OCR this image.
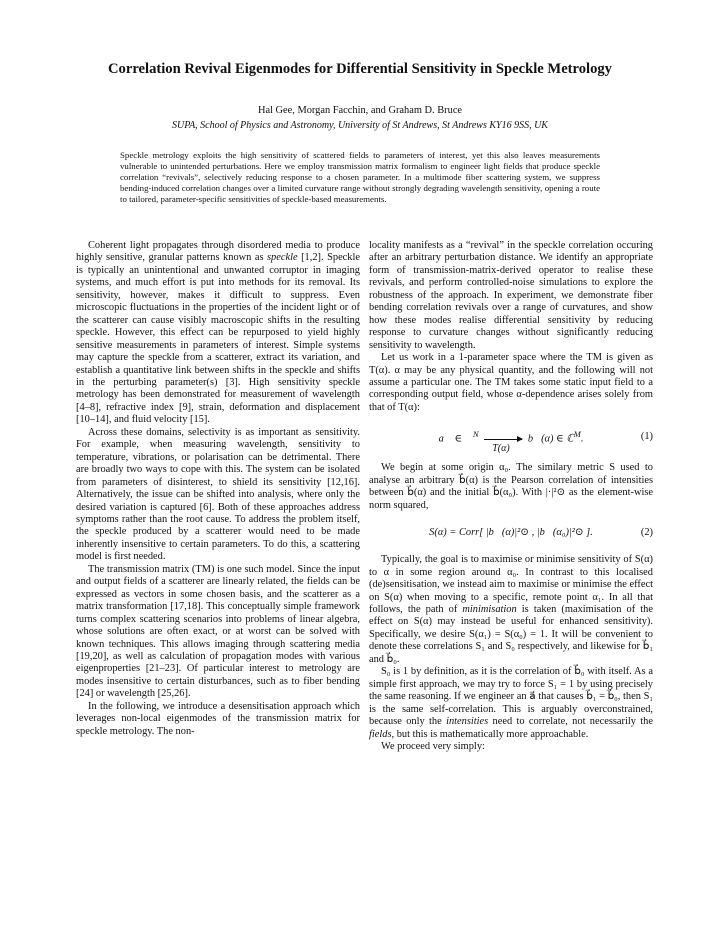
Correlation Revival Eigenmodes for Differential Sensitivity in Speckle Metrology
Hal Gee, Morgan Facchin, and Graham D. Bruce
SUPA, School of Physics and Astronomy, University of St Andrews, St Andrews KY16 9SS, UK
Speckle metrology exploits the high sensitivity of scattered fields to parameters of interest, yet this also leaves measurements vulnerable to unintended perturbations. Here we employ transmission matrix formalism to engineer light fields that produce speckle correlation “revivals”, selectively reducing response to a chosen parameter. In a multimode fiber scattering system, we suppress bending-induced correlation changes over a limited curvature range without strongly degrading wavelength sensitivity, opening a route to tailored, parameter-specific sensitivities of speckle-based measurements.

Coherent light propagates through disordered media to produce highly sensitive, granular patterns known as speckle [1,2]. Speckle is typically an unintentional and unwanted corruptor in imaging systems, and much effort is put into methods for its removal. Its sensitivity, however, makes it difficult to suppress. Even microscopic fluctuations in the properties of the incident light or of the scatterer can cause visibly macroscopic shifts in the resulting speckle. However, this effect can be repurposed to yield highly sensitive measurements in parameters of interest. Simple systems may capture the speckle from a scatterer, extract its variation, and establish a quantitative link between shifts in the speckle and shifts in the perturbing parameter(s) [3]. High sensitivity speckle metrology has been demonstrated for measurement of wavelength [4–8], refractive index [9], strain, deformation and displacement [10–14], and fluid velocity [15].

Across these domains, selectivity is as important as sensitivity. For example, when measuring wavelength, sensitivity to temperature, vibrations, or polarisation can be detrimental. There are broadly two ways to cope with this. The system can be isolated from parameters of disinterest, to shield its sensitivity [12,16]. Alternatively, the issue can be shifted into analysis, where only the desired variation is captured [6]. Both of these approaches address symptoms rather than the root cause. To address the problem itself, the speckle produced by a scatterer would need to be made inherently insensitive to certain parameters. To do this, a scattering model is first needed.

The transmission matrix (TM) is one such model. Since the input and output fields of a scatterer are linearly related, the fields can be expressed as vectors in some chosen basis, and the scatterer as a matrix transformation [17,18]. This conceptually simple framework turns complex scattering scenarios into problems of linear algebra, whose solutions are often exact, or at worst can be solved with known techniques. This allows imaging through scattering media [19,20], as well as calculation of propagation modes with various eigenproperties [21–23]. Of particular interest to metrology are modes insensitive to certain disturbances, such as to fiber bending [24] or wavelength [25,26].

In the following, we introduce a desensitisation approach which leverages non-local eigenmodes of the transmission matrix for speckle metrology. The non-

locality manifests as a “revival” in the speckle correlation occuring after an arbitrary perturbation distance. We identify an appropriate form of transmission-matrix-derived operator to realise these revivals, and perform controlled-noise simulations to explore the robustness of the approach. In experiment, we demonstrate fiber bending correlation revivals over a range of curvatures, and show how these modes realise differential sensitivity by reducing response to curvature changes without significantly reducing sensitivity to wavelength.

Let us work in a 1-parameter space where the TM is given as T(α). α may be any physical quantity, and the following will not assume a particular one. The TM takes some static input field to a corresponding output field, whose α-dependence arises solely from that of T(α):

a⃗ ∈ ℂ$^N$
T(α)
b⃗(α) ∈ ℂ$^M$.	(1)

We begin at some origin α₀. The similary metric S used to analyse an arbitrary b⃗(α) is the Pearson correlation of intensities between b⃗(α) and the initial b⃗(α₀). With |·|²⊙ as the element-wise norm squared,

S(α) = Corr[ |b⃗(α)|²⊙ , |b⃗(α₀)|²⊙ ].	(2)

Typically, the goal is to maximise or minimise sensitivity of S(α) to α in some region around α₀. In contrast to this localised (de)sensitisation, we instead aim to maximise or minimise the effect on S(α) when moving to a specific, remote point α₁. In all that follows, the path of minimisation is taken (maximisation of the effect on S(α) may instead be useful for enhanced sensitivity). Specifically, we desire S(α₁) = S(α₀) = 1. It will be convenient to denote these correlations S₁ and S₀ respectively, and likewise for b⃗₁ and b⃗₀.

S₀ is 1 by definition, as it is the correlation of b⃗₀ with itself. As a simple first approach, we may try to force S₁ = 1 by using precisely the same reasoning. If we engineer an a⃗ that causes b⃗₁ = b⃗₀, then S₁ is the same self-correlation. This is arguably overconstrained, because only the intensities need to correlate, not necessarily the fields, but this is mathematically more approachable.

We proceed very simply:
